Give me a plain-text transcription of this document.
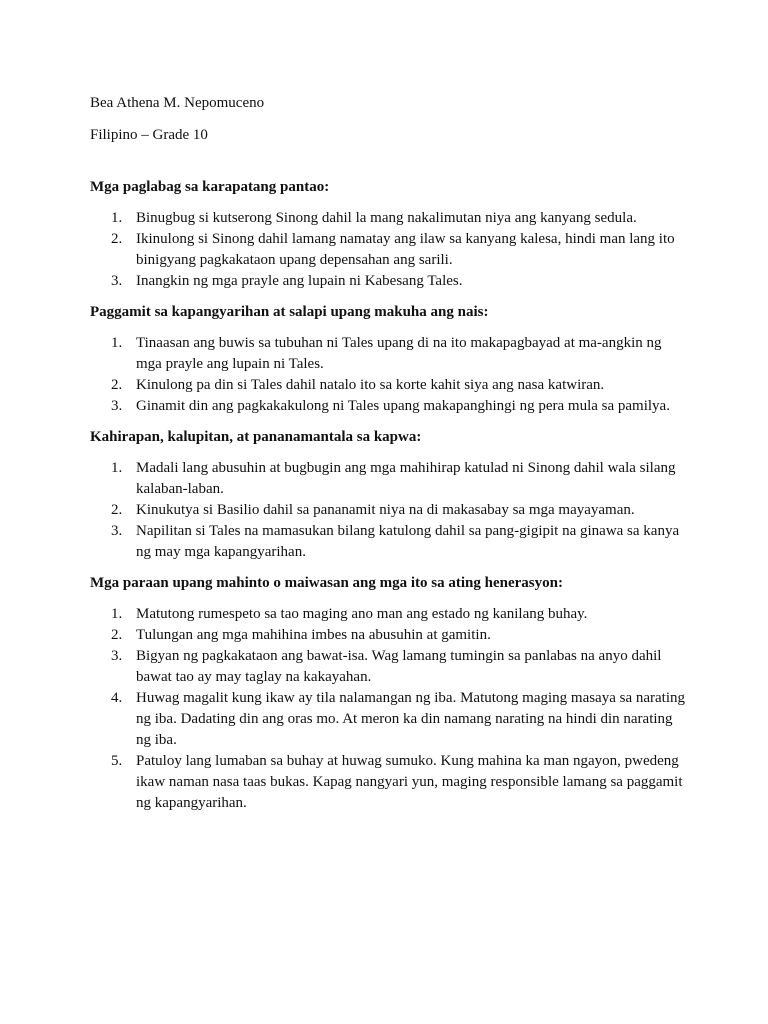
Bea Athena M. Nepomuceno

Filipino – Grade 10

Mga paglabag sa karapatang pantao:

1. Binugbug si kutserong Sinong dahil la mang nakalimutan niya ang kanyang sedula.
2. Ikinulong si Sinong dahil lamang namatay ang ilaw sa kanyang kalesa, hindi man lang ito binigyang pagkakataon upang depensahan ang sarili.
3. Inangkin ng mga prayle ang lupain ni Kabesang Tales.

Paggamit sa kapangyarihan at salapi upang makuha ang nais:

1. Tinaasan ang buwis sa tubuhan ni Tales upang di na ito makapagbayad at ma-angkin ng mga prayle ang lupain ni Tales.
2. Kinulong pa din si Tales dahil natalo ito sa korte kahit siya ang nasa katwiran.
3. Ginamit din ang pagkakakulong ni Tales upang makapanghingi ng pera mula sa pamilya.

Kahirapan, kalupitan, at pananamantala sa kapwa:

1. Madali lang abusuhin at bugbugin ang mga mahihirap katulad ni Sinong dahil wala silang kalaban-laban.
2. Kinukutya si Basilio dahil sa pananamit niya na di makasabay sa mga mayayaman.
3. Napilitan si Tales na mamasukan bilang katulong dahil sa pang-gigipit na ginawa sa kanya ng may mga kapangyarihan.

Mga paraan upang mahinto o maiwasan ang mga ito sa ating henerasyon:

1. Matutong rumespeto sa tao maging ano man ang estado ng kanilang buhay.
2. Tulungan ang mga mahihina imbes na abusuhin at gamitin.
3. Bigyan ng pagkakataon ang bawat-isa. Wag lamang tumingin sa panlabas na anyo dahil bawat tao ay may taglay na kakayahan.
4. Huwag magalit kung ikaw ay tila nalamangan ng iba. Matutong maging masaya sa narating ng iba. Dadating din ang oras mo. At meron ka din namang narating na hindi din narating ng iba.
5. Patuloy lang lumaban sa buhay at huwag sumuko. Kung mahina ka man ngayon, pwedeng ikaw naman nasa taas bukas. Kapag nangyari yun, maging responsible lamang sa paggamit ng kapangyarihan.
